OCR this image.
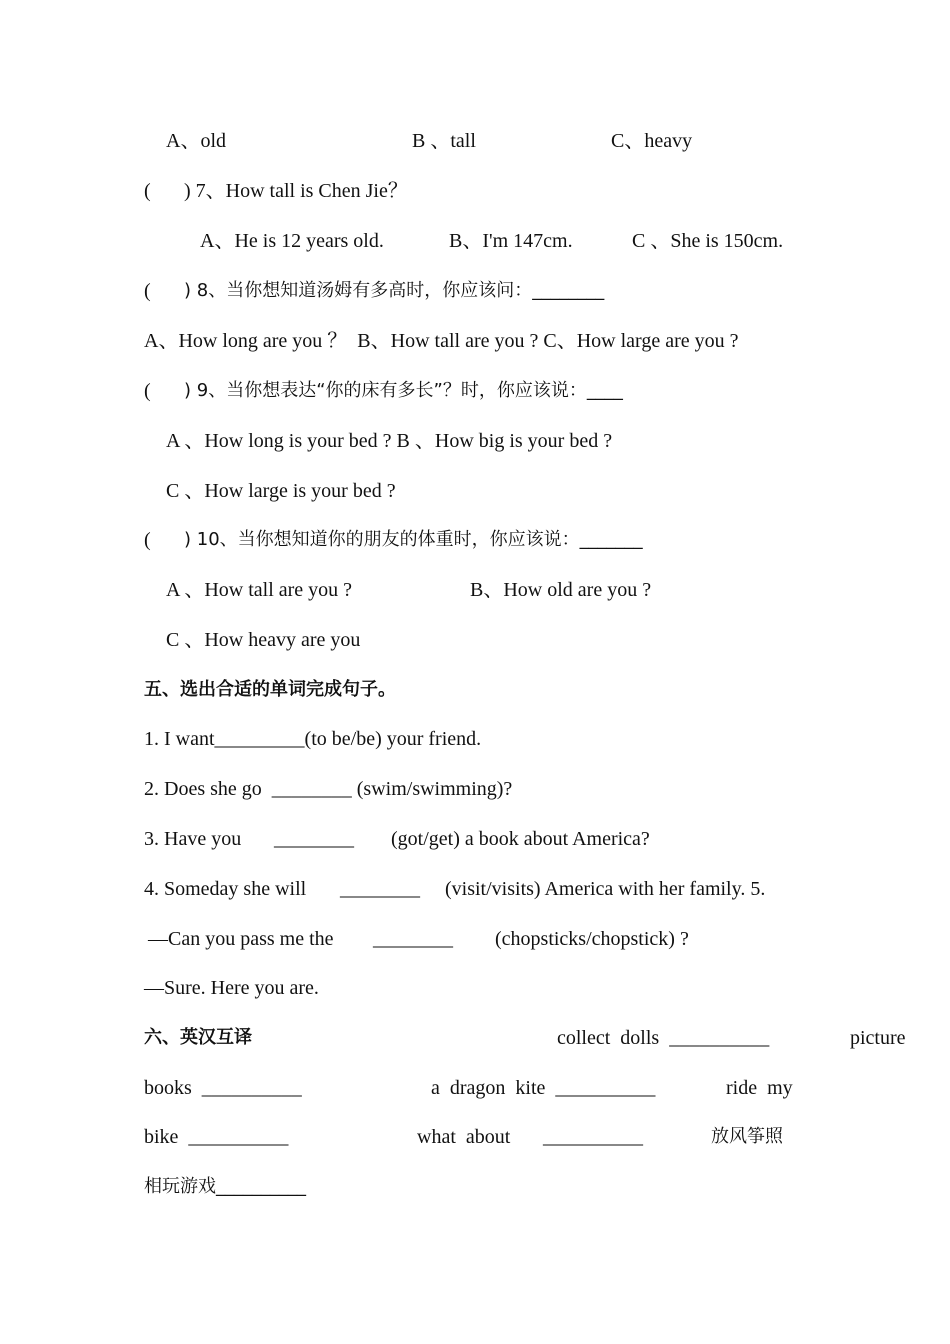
A、old	B 、tall	C、heavy
( ) 7、How tall is Chen Jie？
A、He is 12 years old.	B、I'm 147cm.	C 、She is 150cm.
( ) 8、当你想知道汤姆有多高时，你应该问：________
A、How long are you ？  B、How tall are you ? C、How large are you ?
( ) 9、当你想表达“你的床有多长”？时，你应该说：____
A 、How long is your bed ? B 、How big is your bed ?
C 、How large is your bed ?
( ) 10、当你想知道你的朋友的体重时，你应该说：_______
A 、How tall are you ?	B、How old are you ?
C 、How heavy are you
五、选出合适的单词完成句子。
1. I want_________(to be/be) your friend.
2. Does she go  ________ (swim/swimming)?
3. Have you ________ (got/get) a book about America?
4. Someday she will ________ (visit/visits) America with her family. 5.
—Can you pass me the ________ (chopsticks/chopstick) ?
—Sure. Here you are.
六、英汉互译	collect  dolls  __________	picture
books  __________	a  dragon  kite  __________	ride  my
bike  __________	what  about __________	放风筝照
相玩游戏__________
